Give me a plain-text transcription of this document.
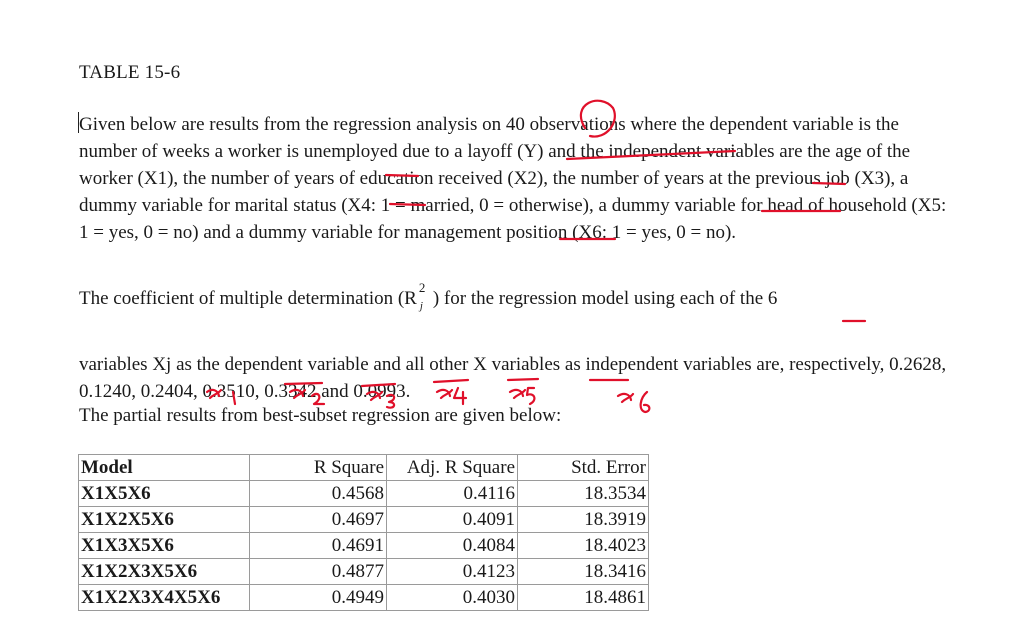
TABLE 15-6
Given below are results from the regression analysis on 40 observations where the dependent variable is the number of weeks a worker is unemployed due to a layoff (Y) and the independent variables are the age of the worker (X1), the number of years of education received (X2), the number of years at the previous job (X3), a dummy variable for marital status (X4: 1 = married, 0 = otherwise), a dummy variable for head of household (X5: 1 = yes, 0 = no) and a dummy variable for management position (X6: 1 = yes, 0 = no).
The coefficient of multiple determination (R
2
j ) for the regression model using each of the 6
variables Xj as the dependent variable and all other X variables as independent variables are, respectively, 0.2628, 0.1240, 0.2404, 0.3510, 0.3342 and 0.0993.
The partial results from best-subset regression are given below:
Model	R Square	Adj. R Square	Std. Error
X1X5X6	0.4568	0.4116	18.3534
X1X2X5X6	0.4697	0.4091	18.3919
X1X3X5X6	0.4691	0.4084	18.4023
X1X2X3X5X6	0.4877	0.4123	18.3416
X1X2X3X4X5X6	0.4949	0.4030	18.4861
